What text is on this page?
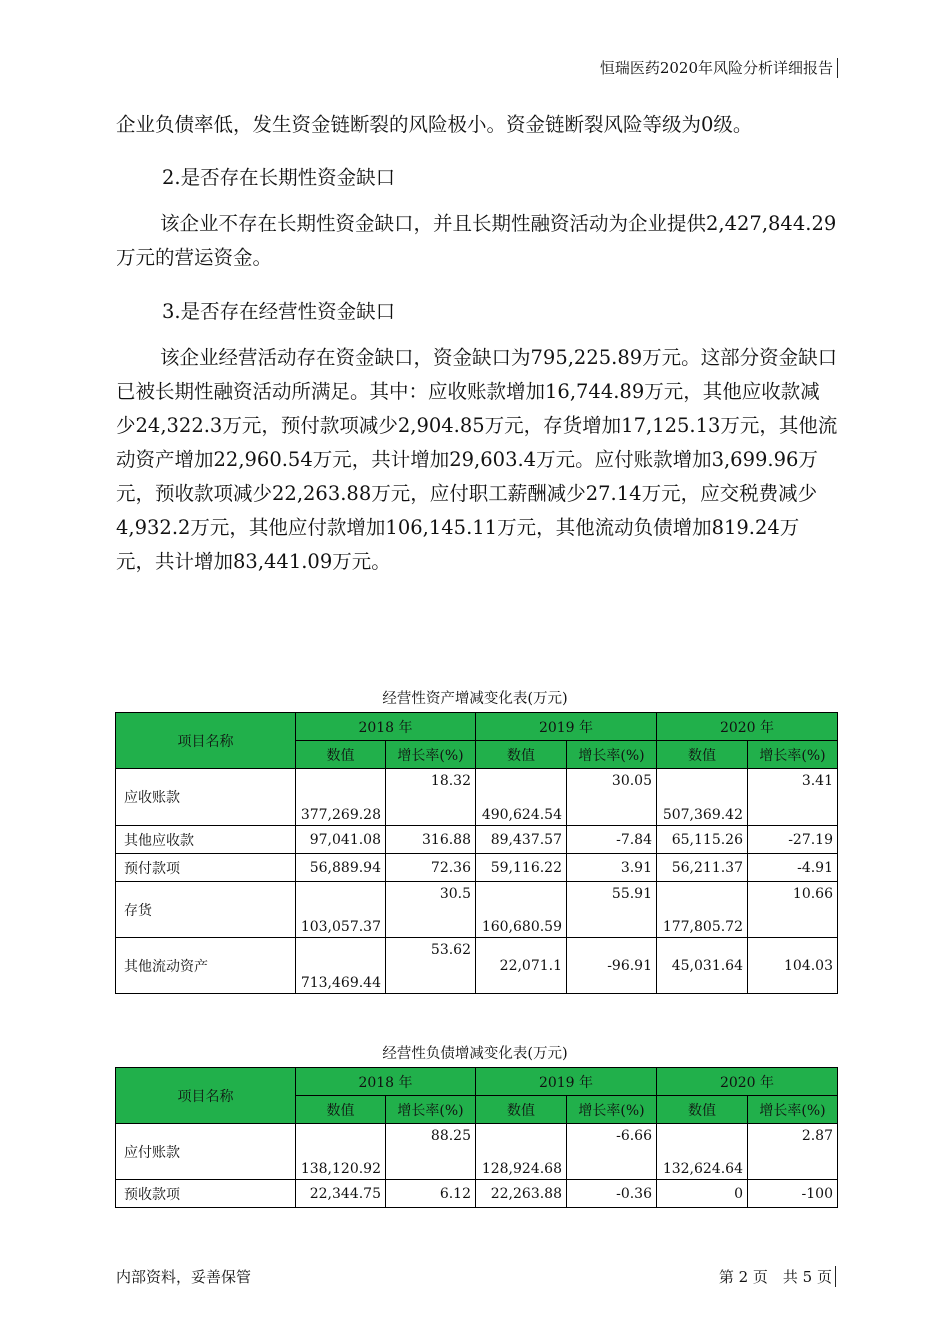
恒瑞医药2020年风险分析详细报告

企业负债率低，发生资金链断裂的风险极小。资金链断裂风险等级为0级。

2.是否存在长期性资金缺口

该企业不存在长期性资金缺口，并且长期性融资活动为企业提供2,427,844.29万元的营运资金。

3.是否存在经营性资金缺口

该企业经营活动存在资金缺口，资金缺口为795,225.89万元。这部分资金缺口已被长期性融资活动所满足。其中：应收账款增加16,744.89万元，其他应收款减少24,322.3万元，预付款项减少2,904.85万元，存货增加17,125.13万元，其他流动资产增加22,960.54万元，共计增加29,603.4万元。应付账款增加3,699.96万元，预收款项减少22,263.88万元，应付职工薪酬减少27.14万元，应交税费减少4,932.2万元，其他应付款增加106,145.11万元，其他流动负债增加819.24万元，共计增加83,441.09万元。

经营性资产增减变化表(万元)
项目名称	2018 年		2019 年		2020 年	
	数值	增长率(%)	数值	增长率(%)	数值	增长率(%)
应收账款	377,269.28	18.32	490,624.54	30.05	507,369.42	3.41
其他应收款	97,041.08	316.88	89,437.57	-7.84	65,115.26	-27.19
预付款项	56,889.94	72.36	59,116.22	3.91	56,211.37	-4.91
存货	103,057.37	30.5	160,680.59	55.91	177,805.72	10.66
其他流动资产	713,469.44	53.62	22,071.1	-96.91	45,031.64	104.03
经营性负债增减变化表(万元)
项目名称	2018 年		2019 年		2020 年	
	数值	增长率(%)	数值	增长率(%)	数值	增长率(%)
应付账款	138,120.92	88.25	128,924.68	-6.66	132,624.64	2.87
预收款项	22,344.75	6.12	22,263.88	-0.36	0	-100
内部资料，妥善保管	第 2 页　共 5 页
